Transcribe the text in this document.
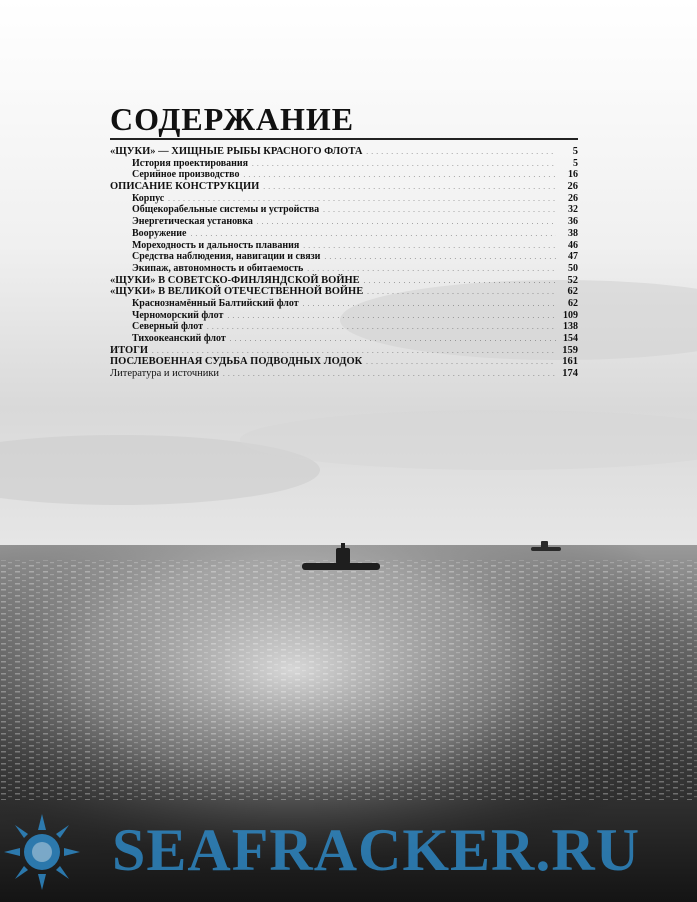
СОДЕРЖАНИЕ
«ЩУКИ» — ХИЩНЫЕ РЫБЫ КРАСНОГО ФЛОТА . . .	5
История проектирования . . .	5
Серийное производство . . .	16
ОПИСАНИЕ КОНСТРУКЦИИ . . .	26
Корпус . . .	26
Общекорабельные системы и устройства . . .	32
Энергетическая установка . . .	36
Вооружение . . .	38
Мореходность и дальность плавания . . .	46
Средства наблюдения, навигации и связи . . .	47
Экипаж, автономность и обитаемость . . .	50
«ЩУКИ» В СОВЕТСКО-ФИНЛЯНДСКОЙ ВОЙНЕ . . .	52
«ЩУКИ» В ВЕЛИКОЙ ОТЕЧЕСТВЕННОЙ ВОЙНЕ . . .	62
Краснознамённый Балтийский флот . . .	62
Черноморский флот . . .	109
Северный флот . . .	138
Тихоокеанский флот . . .	154
ИТОГИ . . .	159
ПОСЛЕВОЕННАЯ СУДЬБА ПОДВОДНЫХ ЛОДОК . . .	161
Литература и источники . . .	174
SEAFRACKER.RU
